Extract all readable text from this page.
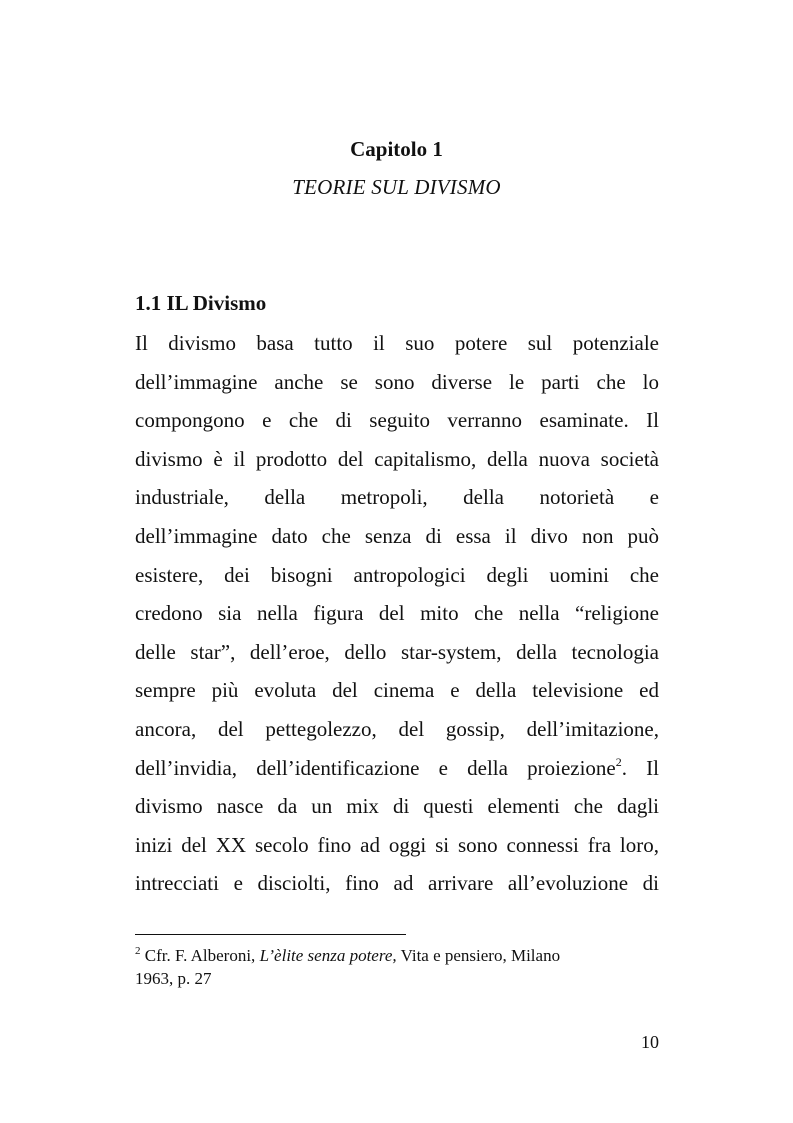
Capitolo 1
TEORIE SUL DIVISMO
1.1 IL Divismo
Il divismo basa tutto il suo potere sul potenziale
dell’immagine anche se sono diverse le parti che lo
compongono e che di seguito verranno esaminate. Il
divismo è il prodotto del capitalismo, della nuova società
industriale, della metropoli, della notorietà e
dell’immagine dato che senza di essa il divo non può
esistere, dei bisogni antropologici degli uomini che
credono sia nella figura del mito che nella “religione
delle star”, dell’eroe, dello star-system, della tecnologia
sempre più evoluta del cinema e della televisione ed
ancora, del pettegolezzo, del gossip, dell’imitazione,
dell’invidia, dell’identificazione e della proiezione$^2$. Il
divismo nasce da un mix di questi elementi che dagli
inizi del XX secolo fino ad oggi si sono connessi fra loro,
intrecciati e disciolti, fino ad arrivare all’evoluzione di
$^2$ Cfr. F. Alberoni, L’èlite senza potere, Vita e pensiero, Milano
1963, p. 27
10
